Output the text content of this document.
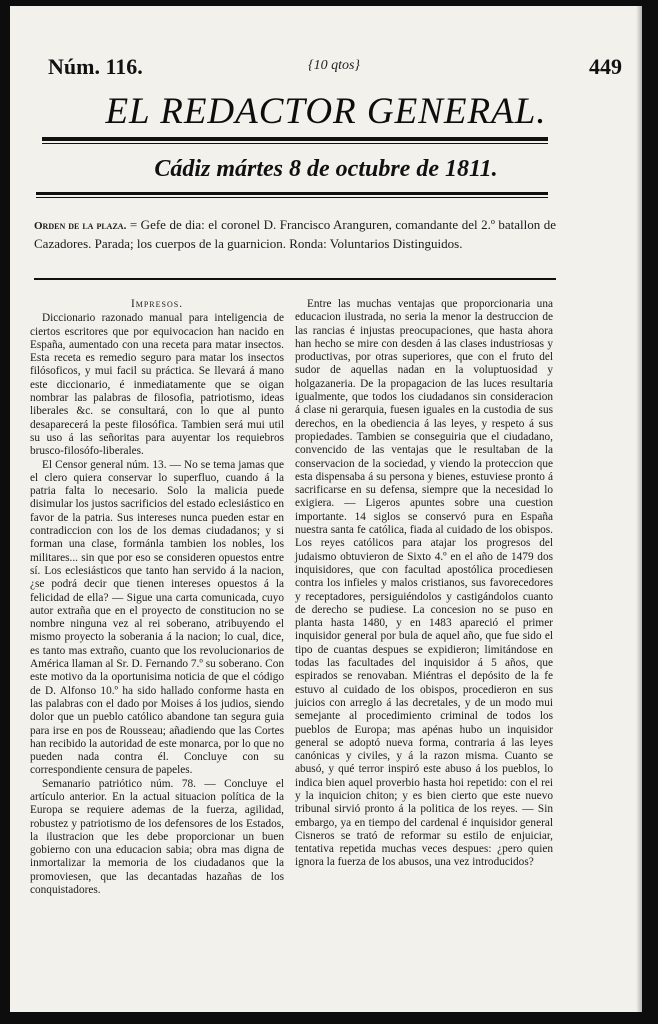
Núm. 116.	{10 qtos}	449
EL REDACTOR GENERAL.
Cádiz mártes 8 de octubre de 1811.
Orden de la plaza. = Gefe de dia: el coronel D. Francisco Aranguren, comandante del 2.º batallon de Cazadores. Parada; los cuerpos de la guarnicion. Ronda: Voluntarios Distinguidos.

Impresos.

Diccionario razonado manual para inteligencia de ciertos escritores que por equivocacion han nacido en España, aumentado con una receta para matar insectos. Esta receta es remedio seguro para matar los insectos filósoficos, y mui facil su práctica. Se llevará á mano este diccionario, é inmediatamente que se oigan nombrar las palabras de filosofia, patriotismo, ideas liberales &c. se consultará, con lo que al punto desaparecerá la peste filosófica. Tambien será mui util su uso á las señoritas para auyentar los requiebros brusco-filosófo-liberales.

El Censor general núm. 13. — No se tema jamas que el clero quiera conservar lo superfluo, cuando á la patria falta lo necesario. Solo la malicia puede disimular los justos sacrificios del estado eclesiástico en favor de la patria. Sus intereses nunca pueden estar en contradiccion con los de los demas ciudadanos; y si forman una clase, formánla tambien los nobles, los militares... sin que por eso se consideren opuestos entre sí. Los eclesiásticos que tanto han servido á la nacion, ¿se podrá decir que tienen intereses opuestos á la felicidad de ella? — Sigue una carta comunicada, cuyo autor extraña que en el proyecto de constitucion no se nombre ninguna vez al rei soberano, atribuyendo el mismo proyecto la soberania á la nacion; lo cual, dice, es tanto mas extraño, cuanto que los revolucionarios de América llaman al Sr. D. Fernando 7.º su soberano. Con este motivo da la oportunisima noticia de que el código de D. Alfonso 10.º ha sido hallado conforme hasta en las palabras con el dado por Moises á los judios, siendo dolor que un pueblo católico abandone tan segura guia para irse en pos de Rousseau; añadiendo que las Cortes han recibido la autoridad de este monarca, por lo que no pueden nada contra él. Concluye con su correspondiente censura de papeles.

Semanario patriótico núm. 78. — Concluye el artículo anterior. En la actual situacion política de la Europa se requiere ademas de la fuerza, agilidad, robustez y patriotismo de los defensores de los Estados, la ilustracion que les debe proporcionar un buen gobierno con una educacion sabia; obra mas digna de inmortalizar la memoria de los ciudadanos que la promoviesen, que las decantadas hazañas de los conquistadores.

Entre las muchas ventajas que proporcionaria una educacion ilustrada, no seria la menor la destruccion de las rancias é injustas preocupaciones, que hasta ahora han hecho se mire con desden á las clases industriosas y productivas, por otras superiores, que con el fruto del sudor de aquellas nadan en la voluptuosidad y holgazaneria. De la propagacion de las luces resultaria igualmente, que todos los ciudadanos sin consideracion á clase ni gerarquia, fuesen iguales en la custodia de sus derechos, en la obediencia á las leyes, y respeto á sus propiedades. Tambien se conseguiria que el ciudadano, convencido de las ventajas que le resultaban de la conservacion de la sociedad, y viendo la proteccion que esta dispensaba á su persona y bienes, estuviese pronto á sacrificarse en su defensa, siempre que la necesidad lo exigiera. — Ligeros apuntes sobre una cuestion importante. 14 siglos se conservó pura en España nuestra santa fe católica, fiada al cuidado de los obispos. Los reyes católicos para atajar los progresos del judaismo obtuvieron de Sixto 4.º en el año de 1479 dos inquisidores, que con facultad apostólica procediesen contra los infieles y malos cristianos, sus favorecedores y receptadores, persiguiéndolos y castigándolos cuanto de derecho se pudiese. La concesion no se puso en planta hasta 1480, y en 1483 apareció el primer inquisidor general por bula de aquel año, que fue sido el tipo de cuantas despues se expidieron; limitándose en todas las facultades del inquisidor á 5 años, que espirados se renovaban. Miéntras el depósito de la fe estuvo al cuidado de los obispos, procedieron en sus juicios con arreglo á las decretales, y de un modo mui semejante al procedimiento criminal de todos los pueblos de Europa; mas apénas hubo un inquisidor general se adoptó nueva forma, contraria á las leyes canónicas y civiles, y á la razon misma. Cuanto se abusó, y qué terror inspiró este abuso á los pueblos, lo indica bien aquel proverbio hasta hoi repetido: con el rei y la inquicion chiton; y es bien cierto que este nuevo tribunal sirvió pronto á la politica de los reyes. — Sin embargo, ya en tiempo del cardenal é inquisidor general Cisneros se trató de reformar su estilo de enjuiciar, tentativa repetida muchas veces despues: ¿pero quien ignora la fuerza de los abusos, una vez introducidos?
